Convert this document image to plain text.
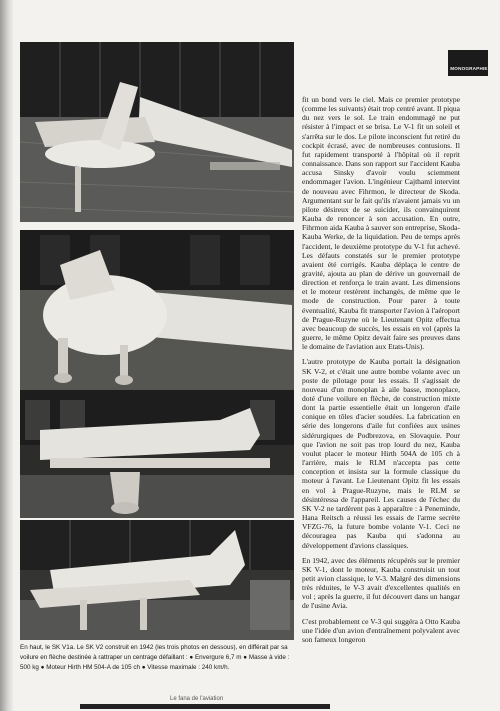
MONOGRAPHIE

fit un bond vers le ciel. Mais ce premier prototype (comme les suivants) était trop centré avant. Il piqua du nez vers le sol. Le train endommagé ne put résister à l'impact et se brisa. Le V-1 fit un soleil et s'arrêta sur le dos. Le pilote inconscient fut retiré du cockpit écrasé, avec de nombreuses contusions. Il fut rapidement transporté à l'hôpital où il reprit connaissance. Dans son rapport sur l'accident Kauba accusa Sinsky d'avoir voulu sciemment endommager l'avion. L'ingénieur Cajthaml intervint de nouveau avec Fihrmon, le directeur de Skoda. Argumentant sur le fait qu'ils n'avaient jamais vu un pilote désireux de se suicider, ils convainquirent Kauba de renoncer à son accusation. En outre, Fihrmon aida Kauba à sauver son entreprise, Skoda-Kauba Werke, de la liquidation. Peu de temps après l'accident, le deuxième prototype du V-1 fut achevé. Les défauts constatés sur le premier prototype avaient été corrigés. Kauba déplaça le centre de gravité, ajouta au plan de dérive un gouvernail de direction et renforça le train avant. Les dimensions et le moteur restèrent inchangés, de même que le mode de construction. Pour parer à toute éventualité, Kauba fit transporter l'avion à l'aéroport de Prague-Ruzyne où le Lieutenant Opitz effectua avec beaucoup de succès, les essais en vol (après la guerre, le même Opitz devait faire ses preuves dans le domaine de l'aviation aux Etats-Unis).

L'autre prototype de Kauba portait la désignation SK V-2, et c'était une autre bombe volante avec un poste de pilotage pour les essais. Il s'agissait de nouveau d'un monoplan à aile basse, monoplace, doté d'une voilure en flèche, de construction mixte dont la partie essentielle était un longeron d'aile conique en tôles d'acier soudées. La fabrication en série des longerons d'aile fut confiées aux usines sidérurgiques de Podbrezova, en Slovaquie. Pour que l'avion ne soit pas trop lourd du nez, Kauba voulut placer le moteur Hirth 504A de 105 ch à l'arrière, mais le RLM n'accepta pas cette conception et insista sur la formule classique du moteur à l'avant. Le Lieutenant Opitz fit les essais en vol à Prague-Ruzyne, mais le RLM se désintéressa de l'appareil. Les causes de l'échec du SK V-2 ne tardèrent pas à apparaître : à Peneminde, Hana Reitsch a réussi les essais de l'arme secrète VFZG-76, la future bombe volante V-1. Ceci ne découragea pas Kauba qui s'adonna au développement d'avions classiques.

En 1942, avec des éléments récupérés sur le premier SK V-1, dont le moteur, Kauba construisit un tout petit avion classique, le V-3. Malgré des dimensions très réduites, le V-3 avait d'excellentes qualités en vol ; après la guerre, il fut découvert dans un hangar de l'usine Avia.

C'est probablement ce V-3 qui suggéra à Otto Kauba une l'idée d'un avion d'entraînement polyvalent avec son fameux longeron

En haut, le SK V1a. Le SK V2 construit en 1942 (les trois photos en dessous), en différait par sa voilure en flèche destinée à rattraper un centrage défaillant : ● Envergure 6,7 m ● Masse à vide : 500 kg ● Moteur Hirth HM 504-A de 105 ch ● Vitesse maximale : 240 km/h.
Le fana de l'aviation
